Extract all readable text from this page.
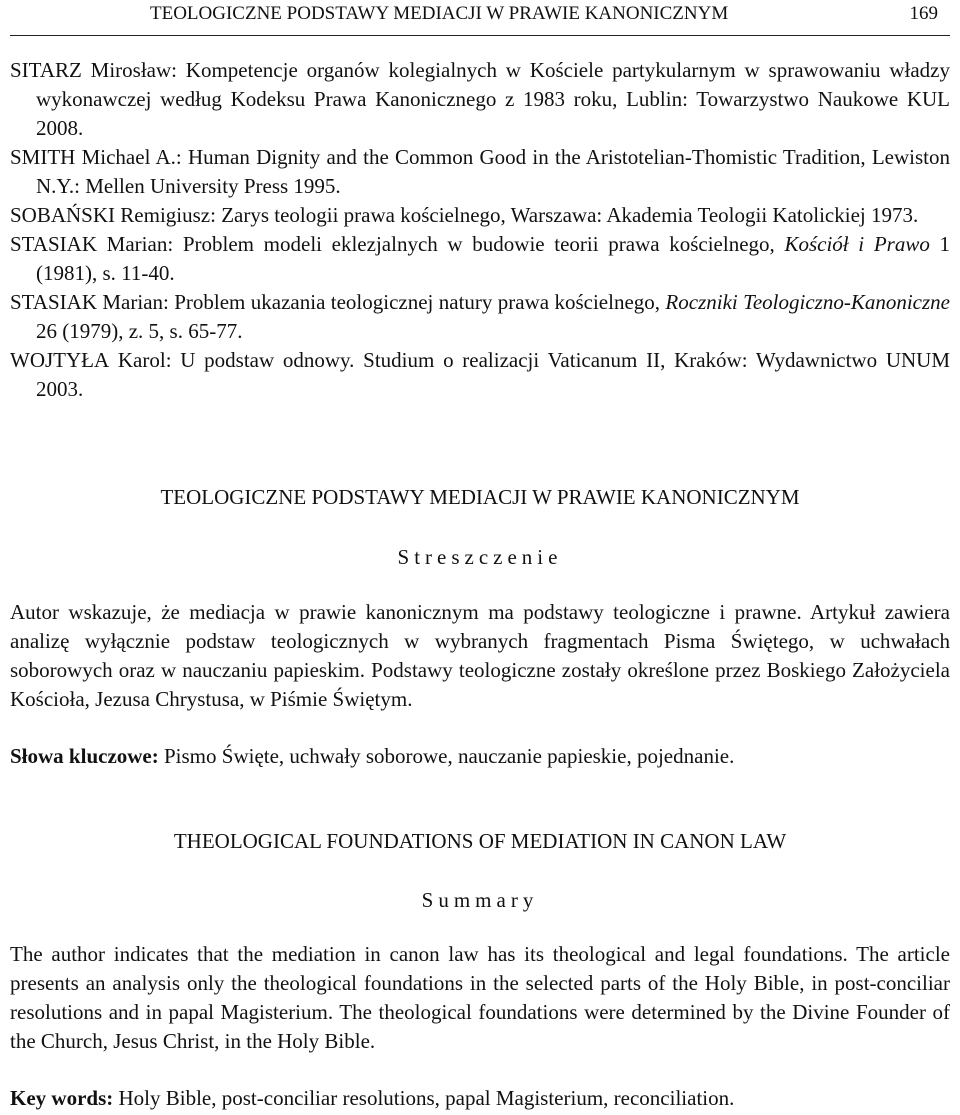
TEOLOGICZNE PODSTAWY MEDIACJI W PRAWIE KANONICZNYM	169
SITARZ Mirosław: Kompetencje organów kolegialnych w Kościele partykularnym w sprawowaniu władzy wykonawczej według Kodeksu Prawa Kanonicznego z 1983 roku, Lublin: Towarzystwo Naukowe KUL 2008.
SMITH Michael A.: Human Dignity and the Common Good in the Aristotelian-Thomistic Tradition, Lewiston N.Y.: Mellen University Press 1995.
SOBAŃSKI Remigiusz: Zarys teologii prawa kościelnego, Warszawa: Akademia Teologii Katolickiej 1973.
STASIAK Marian: Problem modeli eklezjalnych w budowie teorii prawa kościelnego, Kościół i Prawo 1 (1981), s. 11-40.
STASIAK Marian: Problem ukazania teologicznej natury prawa kościelnego, Roczniki Teologiczno-Kanoniczne 26 (1979), z. 5, s. 65-77.
WOJTYŁA Karol: U podstaw odnowy. Studium o realizacji Vaticanum II, Kraków: Wydawnictwo UNUM 2003.
TEOLOGICZNE PODSTAWY MEDIACJI W PRAWIE KANONICZNYM
Streszczenie
Autor wskazuje, że mediacja w prawie kanonicznym ma podstawy teologiczne i prawne. Artykuł zawiera analizę wyłącznie podstaw teologicznych w wybranych fragmentach Pisma Świętego, w uchwałach soborowych oraz w nauczaniu papieskim. Podstawy teologiczne zostały określone przez Boskiego Założyciela Kościoła, Jezusa Chrystusa, w Piśmie Świętym.
Słowa kluczowe: Pismo Święte, uchwały soborowe, nauczanie papieskie, pojednanie.
THEOLOGICAL FOUNDATIONS OF MEDIATION IN CANON LAW
Summary
The author indicates that the mediation in canon law has its theological and legal foundations. The article presents an analysis only the theological foundations in the selected parts of the Holy Bible, in post-conciliar resolutions and in papal Magisterium. The theological foundations were determined by the Divine Founder of the Church, Jesus Christ, in the Holy Bible.
Key words: Holy Bible, post-conciliar resolutions, papal Magisterium, reconciliation.
